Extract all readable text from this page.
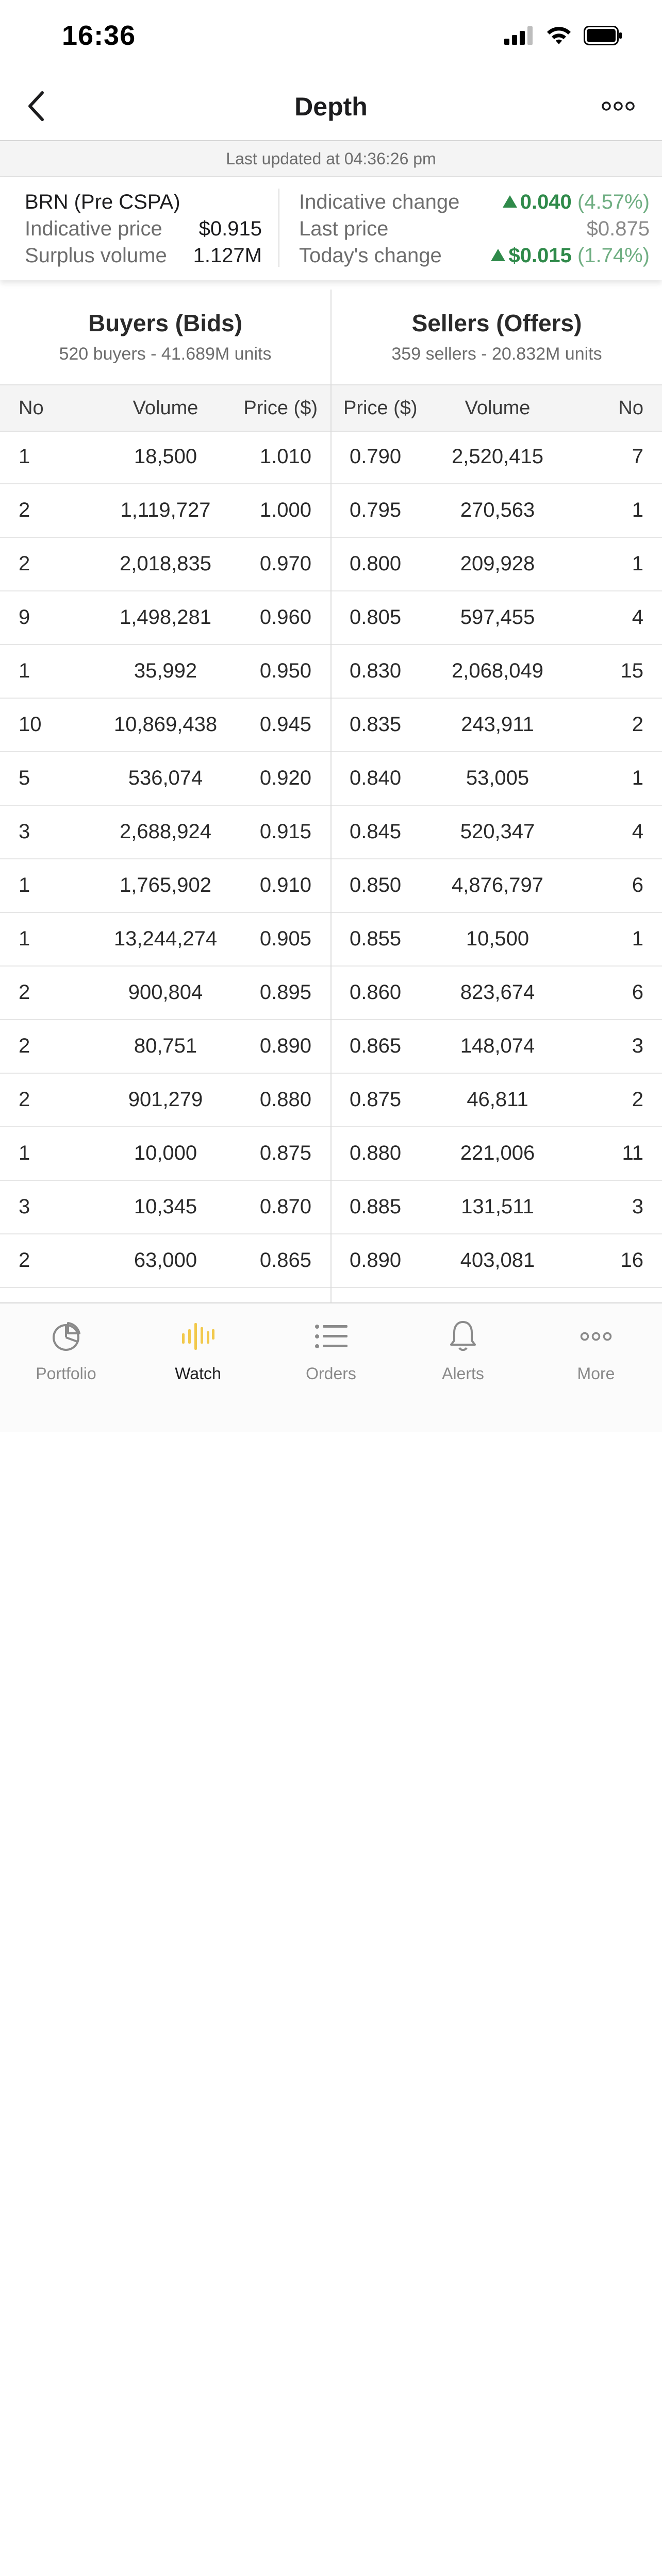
16:36
Depth
Last updated at 04:36:26 pm
BRN (Pre CSPA)
Indicative price $0.915
Surplus volume 1.127M
Indicative change	0.040 (4.57%)
Last price	$0.875
Today's change	$0.015 (1.74%)
Buyers (Bids)
520 buyers - 41.689M units
Sellers (Offers)
359 sellers - 20.832M units
No	Volume	Price ($) Price ($)	Volume	No
1	18,500	1.010 0.790	2,520,415	7
2	1,119,727	1.000 0.795	270,563	1
2	2,018,835	0.970 0.800	209,928	1
9	1,498,281	0.960 0.805	597,455	4
1	35,992	0.950 0.830	2,068,049	15
10	10,869,438	0.945 0.835	243,911	2
5	536,074	0.920 0.840	53,005	1
3	2,688,924	0.915 0.845	520,347	4
1	1,765,902	0.910 0.850	4,876,797	6
1	13,244,274	0.905 0.855	10,500	1
2	900,804	0.895 0.860	823,674	6
2	80,751	0.890 0.865	148,074	3
2	901,279	0.880 0.875	46,811	2
1	10,000	0.875 0.880	221,006	11
3	10,345	0.870 0.885	131,511	3
2	63,000	0.865 0.890	403,081	16
Portfolio	Watch	Orders	Alerts	More
